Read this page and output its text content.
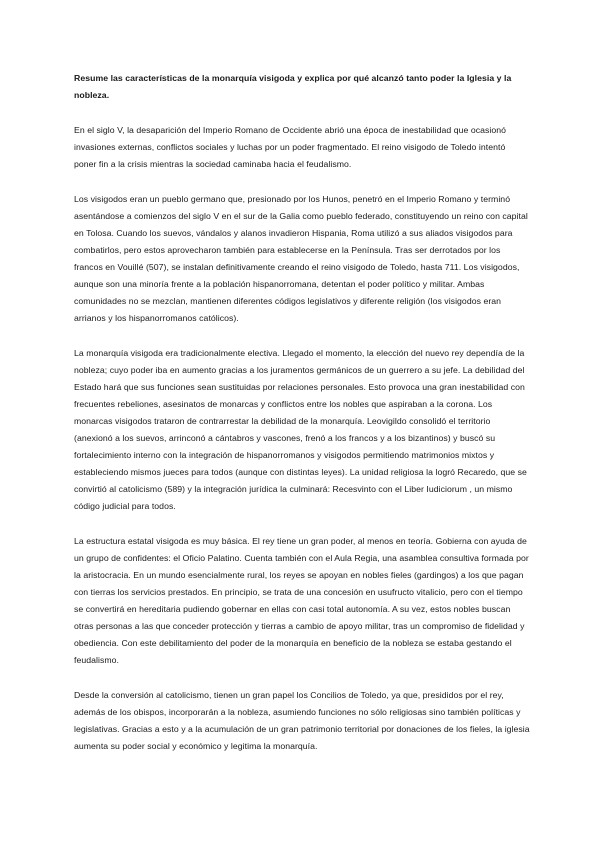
Resume las características de la monarquía visigoda y explica por qué alcanzó tanto poder la Iglesia y la nobleza.

En el siglo V, la desaparición del Imperio Romano de Occidente abrió una época de inestabilidad que ocasionó invasiones externas, conflictos sociales y luchas por un poder fragmentado. El reino visigodo de Toledo intentó poner fin a la crisis mientras la sociedad caminaba hacia el feudalismo.

Los visigodos eran un pueblo germano que, presionado por los Hunos, penetró en el Imperio Romano y terminó asentándose a comienzos del siglo V en el sur de la Galia como pueblo federado, constituyendo un reino con capital en Tolosa. Cuando los suevos, vándalos y alanos invadieron Hispania, Roma utilizó a sus aliados visigodos para combatirlos, pero estos aprovecharon también para establecerse en la Península. Tras ser derrotados por los francos en Vouillé (507), se instalan definitivamente creando el reino visigodo de Toledo, hasta 711. Los visigodos, aunque son una minoría frente a la población hispanorromana, detentan el poder político y militar. Ambas comunidades no se mezclan, mantienen diferentes códigos legislativos y diferente religión (los visigodos eran arrianos y los hispanorromanos católicos).

La monarquía visigoda era tradicionalmente electiva. Llegado el momento, la elección del nuevo rey dependía de la nobleza; cuyo poder iba en aumento gracias a los juramentos germánicos de un guerrero a su jefe. La debilidad del Estado hará que sus funciones sean sustituidas por relaciones personales. Esto provoca una gran inestabilidad con frecuentes rebeliones, asesinatos de monarcas y conflictos entre los nobles que aspiraban a la corona. Los monarcas visigodos trataron de contrarrestar la debilidad de la monarquía. Leovigildo consolidó el territorio (anexionó a los suevos, arrinconó a cántabros y vascones, frenó a los francos y a los bizantinos) y buscó su fortalecimiento interno con la integración de hispanorromanos y visigodos permitiendo matrimonios mixtos y estableciendo mismos jueces para todos (aunque con distintas leyes). La unidad religiosa la logró Recaredo, que se convirtió al catolicismo (589) y la integración jurídica la culminará: Recesvinto con el Liber Iudiciorum , un mismo código judicial para todos.

La estructura estatal visigoda es muy básica. El rey tiene un gran poder, al menos en teoría. Gobierna con ayuda de un grupo de confidentes: el Oficio Palatino. Cuenta también con el Aula Regia, una asamblea consultiva formada por la aristocracia. En un mundo esencialmente rural, los reyes se apoyan en nobles fieles (gardingos) a los que pagan con tierras los servicios prestados. En principio, se trata de una concesión en usufructo vitalicio, pero con el tiempo se convertirá en hereditaria pudiendo gobernar en ellas con casi total autonomía. A su vez, estos nobles buscan otras personas a las que conceder protección y tierras a cambio de apoyo militar, tras un compromiso de fidelidad y obediencia. Con este debilitamiento del poder de la monarquía en beneficio de la nobleza se estaba gestando el feudalismo.

Desde la conversión al catolicismo, tienen un gran papel los Concilios de Toledo, ya que, presididos por el rey, además de los obispos, incorporarán a la nobleza, asumiendo funciones no sólo religiosas sino también políticas y legislativas. Gracias a esto y a la acumulación de un gran patrimonio territorial por donaciones de los fieles, la iglesia aumenta su poder social y económico y legitima la monarquía.
